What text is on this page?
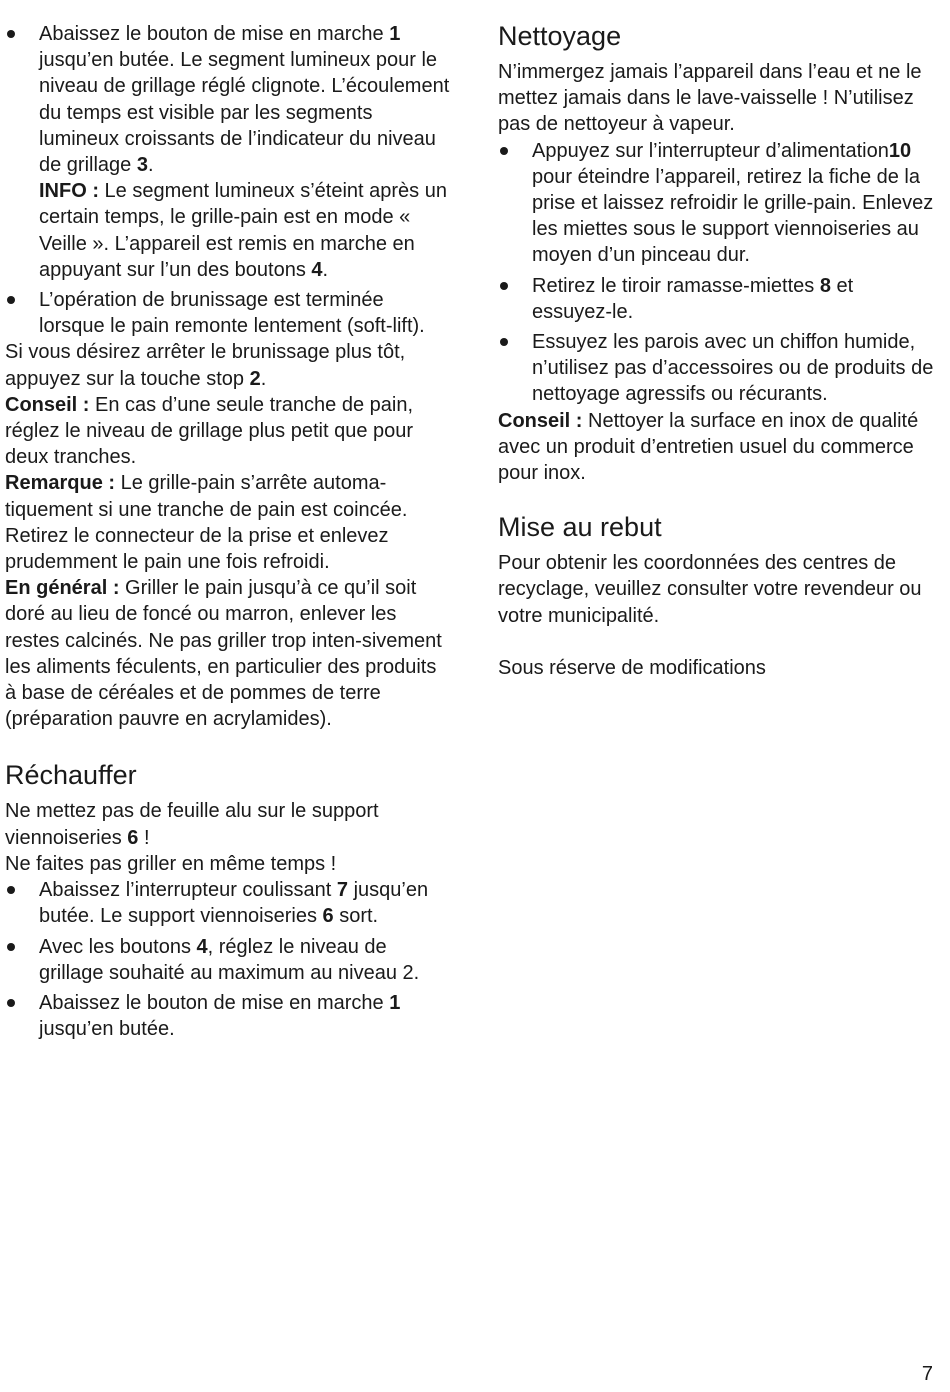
Abaissez le bouton de mise en marche 1 jusqu’en butée. Le segment lumineux pour le niveau de grillage réglé clignote. L’écoulement du temps est visible par les segments lumineux croissants de l’indicateur du niveau de grillage 3.
INFO : Le segment lumineux s’éteint après un certain temps, le grille-pain est en mode « Veille ». L’appareil est remis en marche en appuyant sur l’un des boutons 4.
L’opération de brunissage est terminée lorsque le pain remonte lentement (soft-lift).

Si vous désirez arrêter le brunissage plus tôt, appuyez sur la touche stop 2.

Conseil : En cas d’une seule tranche de pain, réglez le niveau de grillage plus petit que pour deux tranches.

Remarque : Le grille-pain s’arrête automa-tiquement si une tranche de pain est coincée. Retirez le connecteur de la prise et enlevez prudemment le pain une fois refroidi.

En général : Griller le pain jusqu’à ce qu’il soit doré au lieu de foncé ou marron, enlever les restes calcinés. Ne pas griller trop inten-sivement les aliments féculents, en particulier des produits à base de céréales et de pommes de terre (préparation pauvre en acrylamides).

Réchauffer

Ne mettez pas de feuille alu sur le support viennoiseries 6 !

Ne faites pas griller en même temps !

Abaissez l’interrupteur coulissant 7 jusqu’en butée. Le support viennoiseries 6 sort.
Avec les boutons 4, réglez le niveau de grillage souhaité au maximum au niveau 2.
Abaissez le bouton de mise en marche 1 jusqu’en butée.
Nettoyage

N’immergez jamais l’appareil dans l’eau et ne le mettez jamais dans le lave-vaisselle ! N’utilisez pas de nettoyeur à vapeur.

Appuyez sur l’interrupteur d’alimentation10 pour éteindre l’appareil, retirez la fiche de la prise et laissez refroidir le grille-pain. Enlevez les miettes sous le support viennoiseries au moyen d’un pinceau dur.
Retirez le tiroir ramasse-miettes 8 et essuyez-le.
Essuyez les parois avec un chiffon humide, n’utilisez pas d’accessoires ou de produits de nettoyage agressifs ou récurants.

Conseil : Nettoyer la surface en inox de qualité avec un produit d’entretien usuel du commerce pour inox.

Mise au rebut

Pour obtenir les coordonnées des centres de recyclage, veuillez consulter votre revendeur ou votre municipalité.

Sous réserve de modifications

7
